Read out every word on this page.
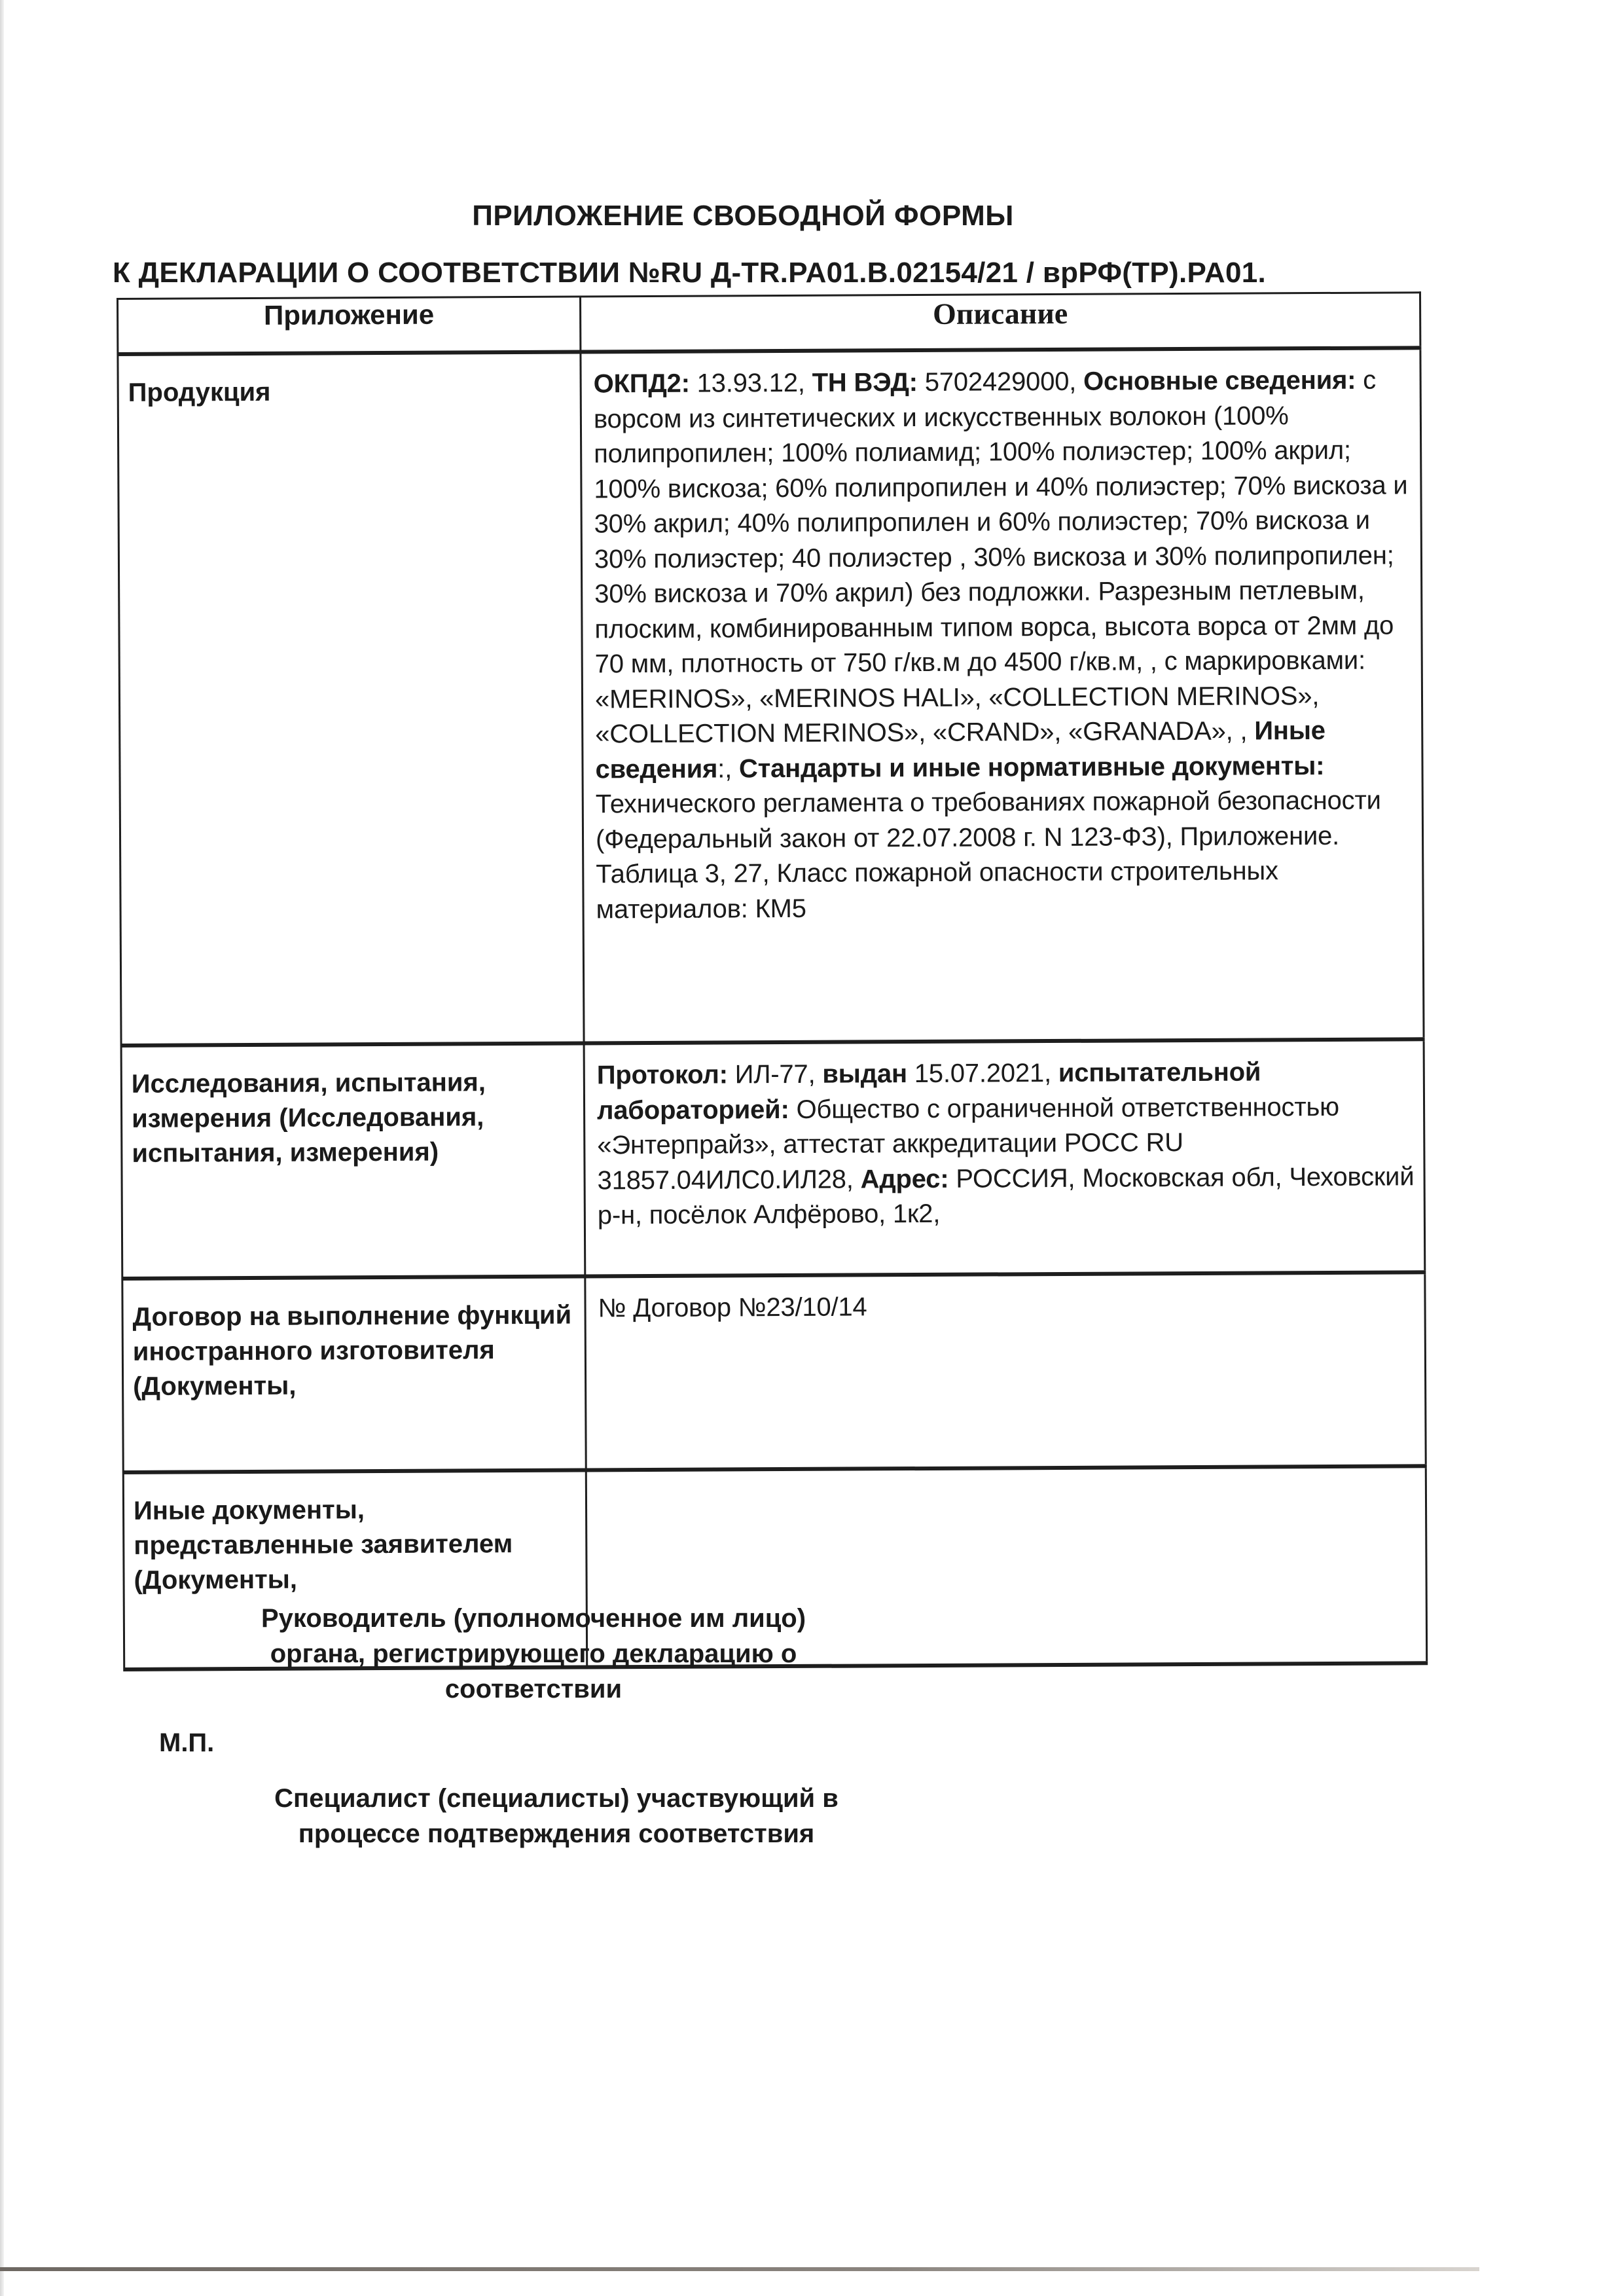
ПРИЛОЖЕНИЕ СВОБОДНОЙ ФОРМЫ
К ДЕКЛАРАЦИИ О СООТВЕТСТВИИ №RU Д-TR.PA01.B.02154/21 / врРФ(ТР).PA01.
Приложение	Описание
Продукция	ОКПД2: 13.93.12, ТН ВЭД: 5702429000, Основные сведения: с ворсом из синтетических и искусственных волокон (100% полипропилен; 100% полиамид; 100% полиэстер; 100% акрил; 100% вискоза; 60% полипропилен и 40% полиэстер; 70% вискоза и 30% акрил; 40% полипропилен и 60% полиэстер; 70% вискоза и 30% полиэстер; 40 полиэстер , 30% вискоза и 30% полипропилен; 30% вискоза и 70% акрил) без подложки. Разрезным петлевым, плоским, комбинированным типом ворса, высота ворса от 2мм до 70 мм, плотность от 750 г/кв.м до 4500 г/кв.м, , с маркировками: «MERINOS», «MERINOS HALI», «COLLECTION MERINOS», «COLLECTION MERINOS», «CRAND», «GRANADA», , Иные сведения:, Стандарты и иные нормативные документы: Технического регламента о требованиях пожарной безопасности (Федеральный закон от 22.07.2008 г. N 123-ФЗ), Приложение. Таблица 3, 27, Класс пожарной опасности строительных материалов: КМ5
Исследования, испытания, измерения (Исследования, испытания, измерения)	Протокол: ИЛ-77, выдан 15.07.2021, испытательной лабораторией: Общество с ограниченной ответственностью «Энтерпрайз», аттестат аккредитации РОСС RU 31857.04ИЛС0.ИЛ28, Адрес: РОССИЯ, Московская обл, Чеховский р-н, посёлок Алфёрово, 1к2,
Договор на выполнение функций иностранного изготовителя (Документы,	№ Договор №23/10/14
Иные документы, представленные заявителем (Документы,	
Руководитель (уполномоченное им лицо) органа, регистрирующего декларацию о соответствии
М.П.
Специалист (специалисты) участвующий в процессе подтверждения соответствия
